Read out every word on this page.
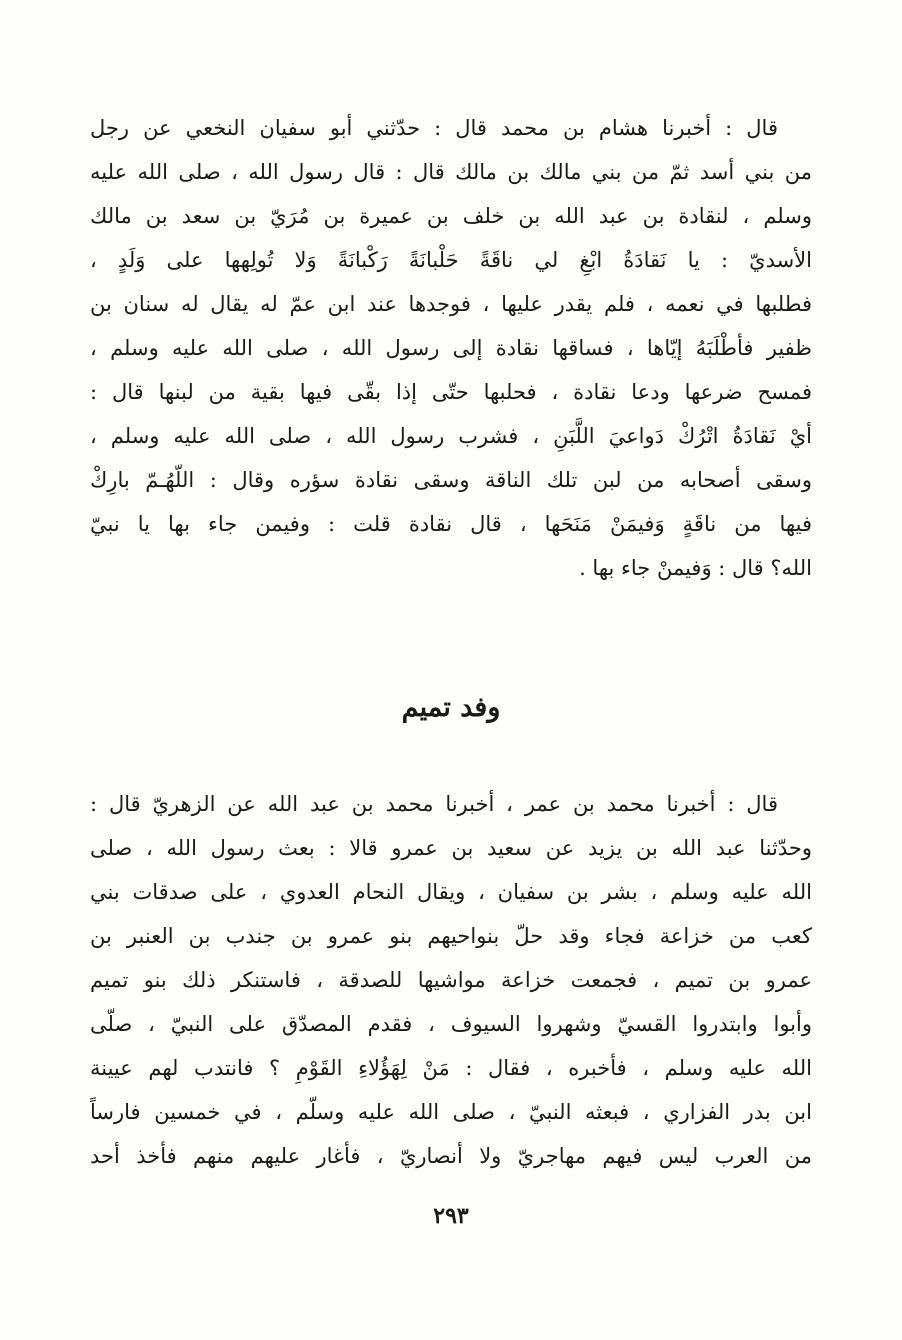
قال : أخبرنا هشام بن محمد قال : حدّثني أبو سفيان النخعي عن رجل
من بني أسد ثمّ من بني مالك بن مالك قال : قال رسول الله ، صلى الله عليه
وسلم ، لنقادة بن عبد الله بن خلف بن عميرة بن مُرَيّ بن سعد بن مالك
الأسديّ : يا نَقادَةُ ابْغِ لي ناقَةً حَلْبانَةً رَكْبانَةً وَلا تُولِهها على وَلَدٍ ،
فطلبها في نعمه ، فلم يقدر عليها ، فوجدها عند ابن عمّ له يقال له سنان بن
ظفير فأطْلَبَهُ إيّاها ، فساقها نقادة إلى رسول الله ، صلى الله عليه وسلم ،
فمسح ضرعها ودعا نقادة ، فحلبها حتّى إذا بقّى فيها بقية من لبنها قال :
أيْ نَقادَةُ اتْرُكْ دَواعيَ اللَّبَنِ ، فشرب رسول الله ، صلى الله عليه وسلم ،
وسقى أصحابه من لبن تلك الناقة وسقى نقادة سؤره وقال : اللّهُـمّ بارِكْ
فيها من ناقَةٍ وَفيمَنْ مَنَحَها ، قال نقادة قلت : وفيمن جاء بها يا نبيّ
الله؟ قال : وَفيمنْ جاء بها .
وفد تميم
قال : أخبرنا محمد بن عمر ، أخبرنا محمد بن عبد الله عن الزهريّ قال :
وحدّثنا عبد الله بن يزيد عن سعيد بن عمرو قالا : بعث رسول الله ، صلى
الله عليه وسلم ، بشر بن سفيان ، ويقال النحام العدوي ، على صدقات بني
كعب من خزاعة فجاء وقد حلّ بنواحيهم بنو عمرو بن جندب بن العنبر بن
عمرو بن تميم ، فجمعت خزاعة مواشيها للصدقة ، فاستنكر ذلك بنو تميم
وأبوا وابتدروا القسيّ وشهروا السيوف ، فقدم المصدّق على النبيّ ، صلّى
الله عليه وسلم ، فأخبره ، فقال : مَنْ لِهَؤُلاءِ القَوْمِ ؟ فانتدب لهم عيينة
ابن بدر الفزاري ، فبعثه النبيّ ، صلى الله عليه وسلّم ، في خمسين فارساً
من العرب ليس فيهم مهاجريّ ولا أنصاريّ ، فأغار عليهم منهم فأخذ أحد
٢٩٣
